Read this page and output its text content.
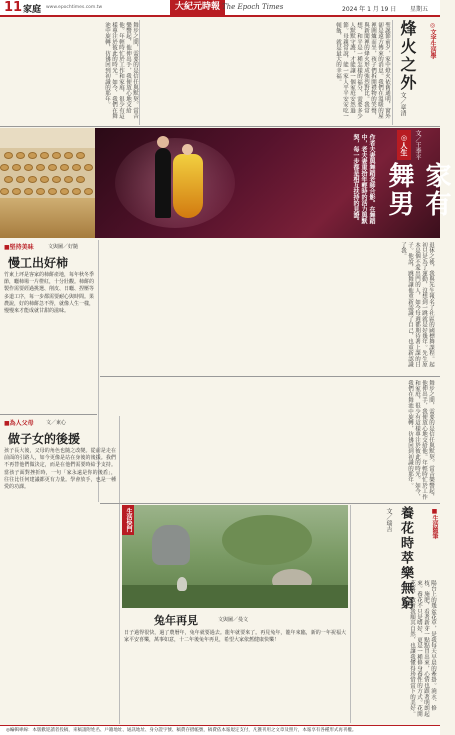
11 家庭 www.epochtimes.com.tw	大紀元時報 The Epoch Times	2024 年 1 月 19 日 星期五
◎文字生活學
烽火之外
文／章清
聖誕節前夕，家中燈火依舊通明，窗外卻是遠方傳來的消息。我們在溫暖的屋裡圍爐而坐，孩子們拆開禮物的笑聲，與新聞裡的烽火形成強烈對比。我常想，和平是一種怎樣的福分，需要多少人默默守護，才能讓一個家庭安然過節。母親常說，能一家人平平安安吃一頓飯，就是最大的幸福。
舞步之間，需要的是信任與默契。當音樂響起，他伸出手，我便放心地交給他。年輕時忙於工作和家庭，很少有這樣專注於彼此的時光。如今，我們在舞池中旋轉，彷彿回到初識的那年。
作者夫妻與舞蹈老師合影。在舞蹈中，老夫妻重拾年輕時的活力與默契，每一步都是相互扶持的見證。	◎人生
家有舞男
文／王季平
退休之後，我與先生報名了社區的國標舞課程。起初只是為了運動，沒想到一跳就是好幾年。先生原本是個不愛出門的人，如今每週都期待著上課的日子。他說，跳舞讓他重新認識了自己，也重新認識了我。
舞步之間，需要的是信任與默契。當音樂響起，他伸出手，我便放心地交給他。年輕時忙於工作和家庭，很少有這樣專注於彼此的時光。如今，我們在舞池中旋轉，彷彿回到初識的那年。
■堅持美味	文與圖／好隨
慢工出好柿
竹東上坪是客家的柿餅產地，每年秋冬季節，曬柿場一片橙紅，十分壯觀。柿餅的製作需要經過挑選、削皮、日曬、捏壓等多道工序，每一步都需要耐心與時間。果農說，好的柿餅急不得，就像人生一樣，慢慢來才能成就甘甜的滋味。
■為人父母 文／東心
做子女的後援
孩子長大後，父母的角色也隨之改變。從前是走在前面的引路人，如今更像是站在身後的後援。我們不再替他們做決定，而是在他們需要時給予支持。當孩子面對挫折時，一句「家永遠是你的後盾」，往往比任何建議都更有力量。學會放手，也是一種愛的功課。
■生活隨筆
養花時萃樂無窮
文／瑞吉
陽台上的幾盆花草，是我每天早晨的牽掛。澆水、修枝、施肥，看著新芽一點點冒出來，心情也跟著明朗起來。養花不只是嗜好，更是一種修身養性的方式。花開花落，教會我順其自然，也讓我懂得珍惜當下的美好。
生活快門
兔年再見	文與圖／曼文
日子過得很快，過了農曆年，兔年就要過去。龍年就要來了。再見兔年，龍年來臨，新的一年祝福大家平安喜樂，萬事如意，十二年後兔年再見，希望大家依舊健康快樂！
◎編輯專線：本版歡迎讀者投稿，來稿請附姓名、戶籍地址、通訊地址、身分證字號、稿費存摺帳號，稿費依本報規定支付，凡獲刊用之文章及照片，本報享有各種形式再刊權。
